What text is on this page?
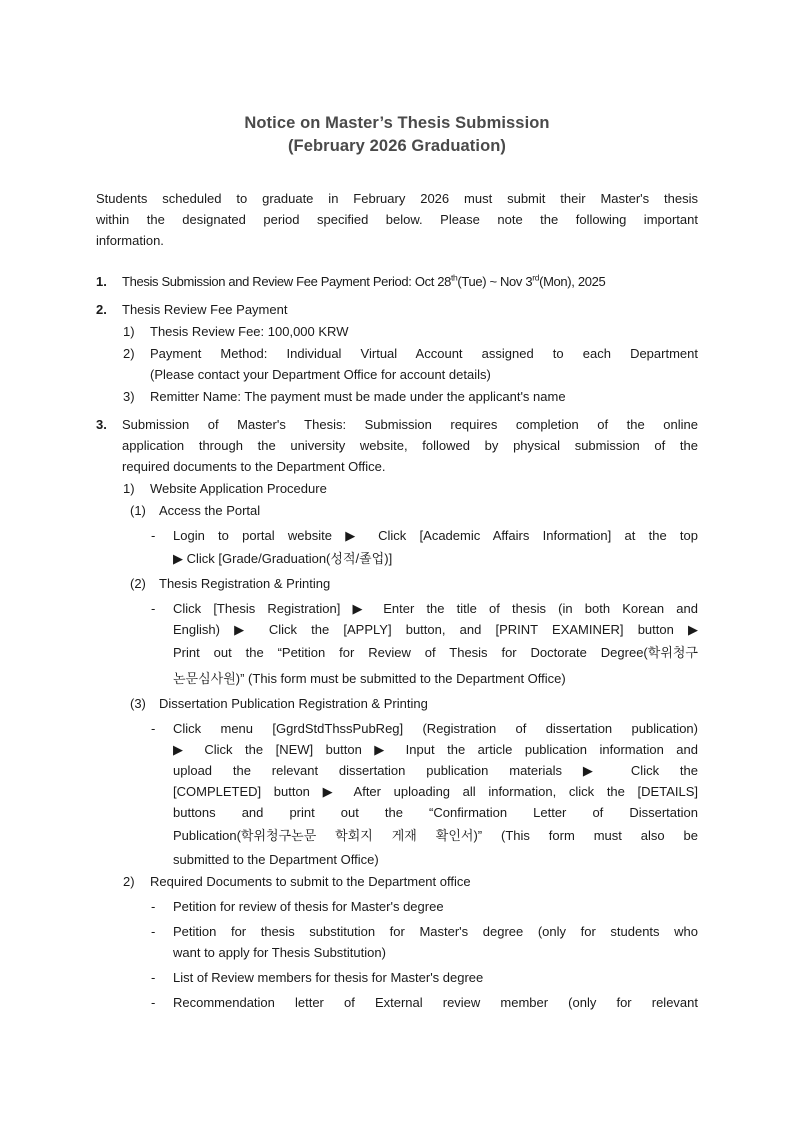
Notice on Master’s Thesis Submission
(February 2026 Graduation)
Students scheduled to graduate in February 2026 must submit their Master's thesis
within the designated period specified below. Please note the following important
information.
1. Thesis Submission and Review Fee Payment Period: Oct 28th(Tue) ~ Nov 3rd(Mon), 2025
2. Thesis Review Fee Payment
1) Thesis Review Fee: 100,000 KRW
2) Payment Method: Individual Virtual Account assigned to each Department
(Please contact your Department Office for account details)
3) Remitter Name: The payment must be made under the applicant's name
3. Submission of Master's Thesis: Submission requires completion of the online
application through the university website, followed by physical submission of the
required documents to the Department Office.
1) Website Application Procedure
(1) Access the Portal
- Login to portal website ▶ Click [Academic Affairs Information] at the top
▶ Click [Grade/Graduation(성적/졸업)]
(2) Thesis Registration & Printing
- Click [Thesis Registration] ▶ Enter the title of thesis (in both Korean and
English) ▶ Click the [APPLY] button, and [PRINT EXAMINER] button ▶
Print out the “Petition for Review of Thesis for Doctorate Degree(학위청구
논문심사원)” (This form must be submitted to the Department Office)
(3) Dissertation Publication Registration & Printing
- Click menu [GgrdStdThssPubReg] (Registration of dissertation publication)
▶ Click the [NEW] button ▶ Input the article publication information and
upload the relevant dissertation publication materials ▶ Click the
[COMPLETED] button ▶ After uploading all information, click the [DETAILS]
buttons and print out the “Confirmation Letter of Dissertation
Publication(학위청구논문 학회지 게재 확인서)” (This form must also be
submitted to the Department Office)
2) Required Documents to submit to the Department office
- Petition for review of thesis for Master's degree
- Petition for thesis substitution for Master's degree (only for students who
want to apply for Thesis Substitution)
- List of Review members for thesis for Master's degree
- Recommendation letter of External review member (only for relevant
